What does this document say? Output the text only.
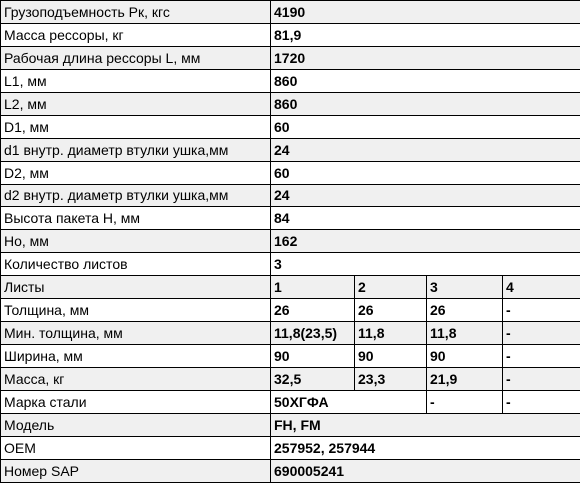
Грузоподъемность Рк, кгс	4190			
Масса рессоры, кг	81,9			
Рабочая длина рессоры L, мм	1720			
L1, мм	860			
L2, мм	860			
D1, мм	60			
d1 внутр. диаметр втулки ушка,мм	24			
D2, мм	60			
d2 внутр. диаметр втулки ушка,мм	24			
Высота пакета Н, мм	84			
Но, мм	162			
Количество листов	3			
Листы	1	2	3	4
Толщина, мм	26	26	26	-
Мин. толщина, мм	11,8(23,5)	11,8	11,8	-
Ширина, мм	90	90	90	-
Масса, кг	32,5	23,3	21,9	-
Марка стали	50ХГФА		-	-
Модель	FH, FM			
OEM	257952, 257944			
Номер SAP	690005241			
